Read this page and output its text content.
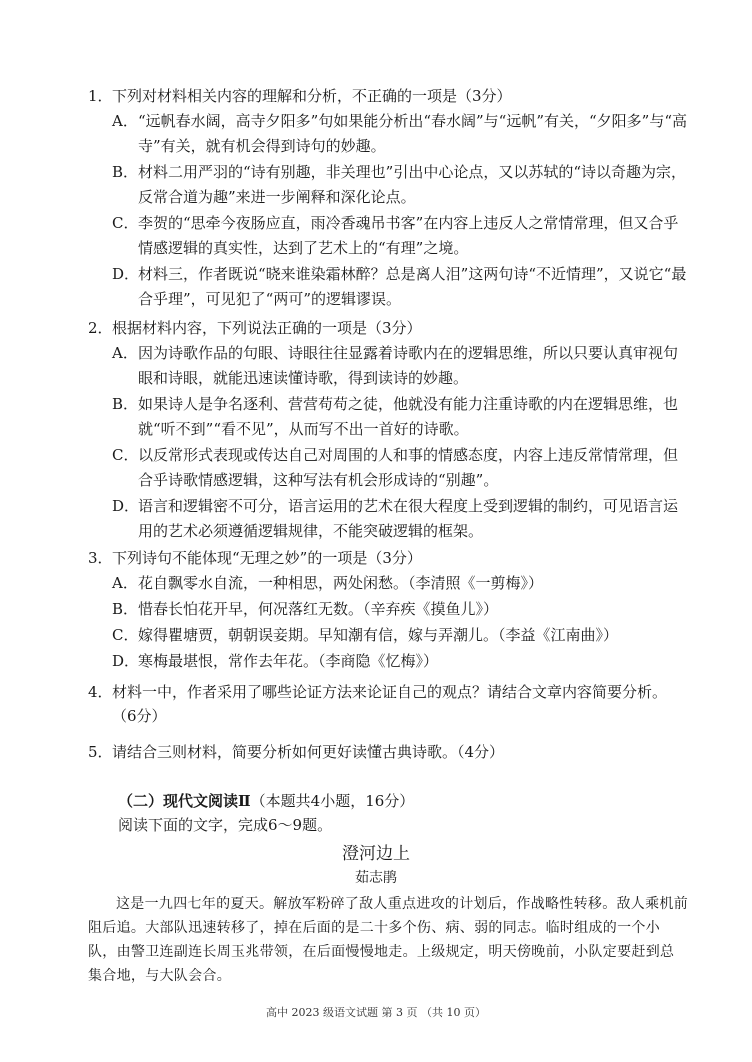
1．下列对材料相关内容的理解和分析，不正确的一项是（3分）
A． “远帆春水阔，高寺夕阳多”句如果能分析出“春水阔”与“远帆”有关，“夕阳多”与“高寺”有关，就有机会得到诗句的妙趣。
B． 材料二用严羽的“诗有别趣，非关理也”引出中心论点，又以苏轼的“诗以奇趣为宗，反常合道为趣”来进一步阐释和深化论点。
C． 李贺的“思牵今夜肠应直，雨冷香魂吊书客”在内容上违反人之常情常理，但又合乎情感逻辑的真实性，达到了艺术上的“有理”之境。
D．
材料三，作者既说“晓来谁染霜林醉？总是离人泪”这两句诗“不近情理”，又说它“最合乎理”，可见犯了“两可”的逻辑谬误。
2．根据材料内容，下列说法正确的一项是（3分）
A． 因为诗歌作品的句眼、诗眼往往显露着诗歌内在的逻辑思维，所以只要认真审视句眼和诗眼，就能迅速读懂诗歌，得到读诗的妙趣。
B． 如果诗人是争名逐利、营营苟苟之徒，他就没有能力注重诗歌的内在逻辑思维，也就“听不到”“看不见”，从而写不出一首好的诗歌。
C． 以反常形式表现或传达自己对周围的人和事的情感态度，内容上违反常情常理，但合乎诗歌情感逻辑，这种写法有机会形成诗的“别趣”。
D．
语言和逻辑密不可分，语言运用的艺术在很大程度上受到逻辑的制约，可见语言运用的艺术必须遵循逻辑规律，不能突破逻辑的框架。
3．下列诗句不能体现“无理之妙”的一项是（3分）
A． 花自飘零水自流，一种相思，两处闲愁。（李清照《一剪梅》）
B． 惜春长怕花开早，何况落红无数。（辛弃疾《摸鱼儿》）
C． 嫁得瞿塘贾，朝朝误妾期。早知潮有信，嫁与弄潮儿。（李益《江南曲》）
D．
寒梅最堪恨，常作去年花。（李商隐《忆梅》）
4．材料一中，作者采用了哪些论证方法来论证自己的观点？请结合文章内容简要分析。
（6分）
5．请结合三则材料，简要分析如何更好读懂古典诗歌。（4分）
（二）现代文阅读Ⅱ（本题共4小题，16分）
阅读下面的文字，完成6～9题。
澄河边上
茹志鹃
这是一九四七年的夏天。解放军粉碎了敌人重点进攻的计划后，作战略性转移。敌人乘机前阻后追。大部队迅速转移了，掉在后面的是二十多个伤、病、弱的同志。临时组成的一个小队，由警卫连副连长周玉兆带领，在后面慢慢地走。上级规定，明天傍晚前，小队定要赶到总集合地，与大队会合。
高中 2023 级语文试题 第 3 页 （共 10 页）
